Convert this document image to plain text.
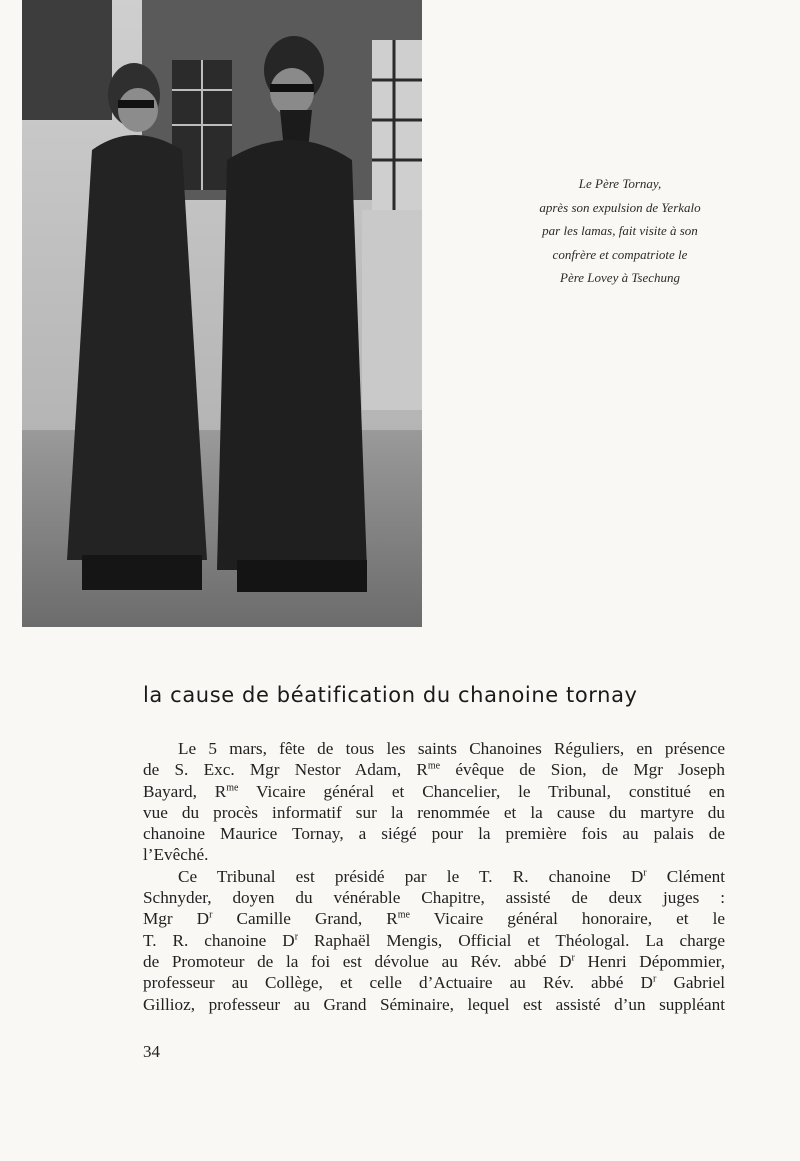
Le Père Tornay,
après son expulsion de Yerkalo
par les lamas, fait visite à son
confrère et compatriote le
Père Lovey à Tsechung
la cause de béatification du chanoine tornay
Le 5 mars, fête de tous les saints Chanoines Réguliers, en présence
de S. Exc. Mgr Nestor Adam, $R^{me}$ évêque de Sion, de Mgr Joseph
Bayard, $R^{me}$ Vicaire général et Chancelier, le Tribunal, constitué en
vue du procès informatif sur la renommée et la cause du martyre du
chanoine Maurice Tornay, a siégé pour la première fois au palais de
l’Evêché.
Ce Tribunal est présidé par le T. R. chanoine $D^r$ Clément
Schnyder, doyen du vénérable Chapitre, assisté de deux juges :
Mgr $D^r$ Camille Grand, $R^{me}$ Vicaire général honoraire, et le
T. R. chanoine $D^r$ Raphaël Mengis, Official et Théologal. La charge
de Promoteur de la foi est dévolue au Rév. abbé $D^r$ Henri Dépommier,
professeur au Collège, et celle d’Actuaire au Rév. abbé $D^r$ Gabriel
Gillioz, professeur au Grand Séminaire, lequel est assisté d’un suppléant
34
